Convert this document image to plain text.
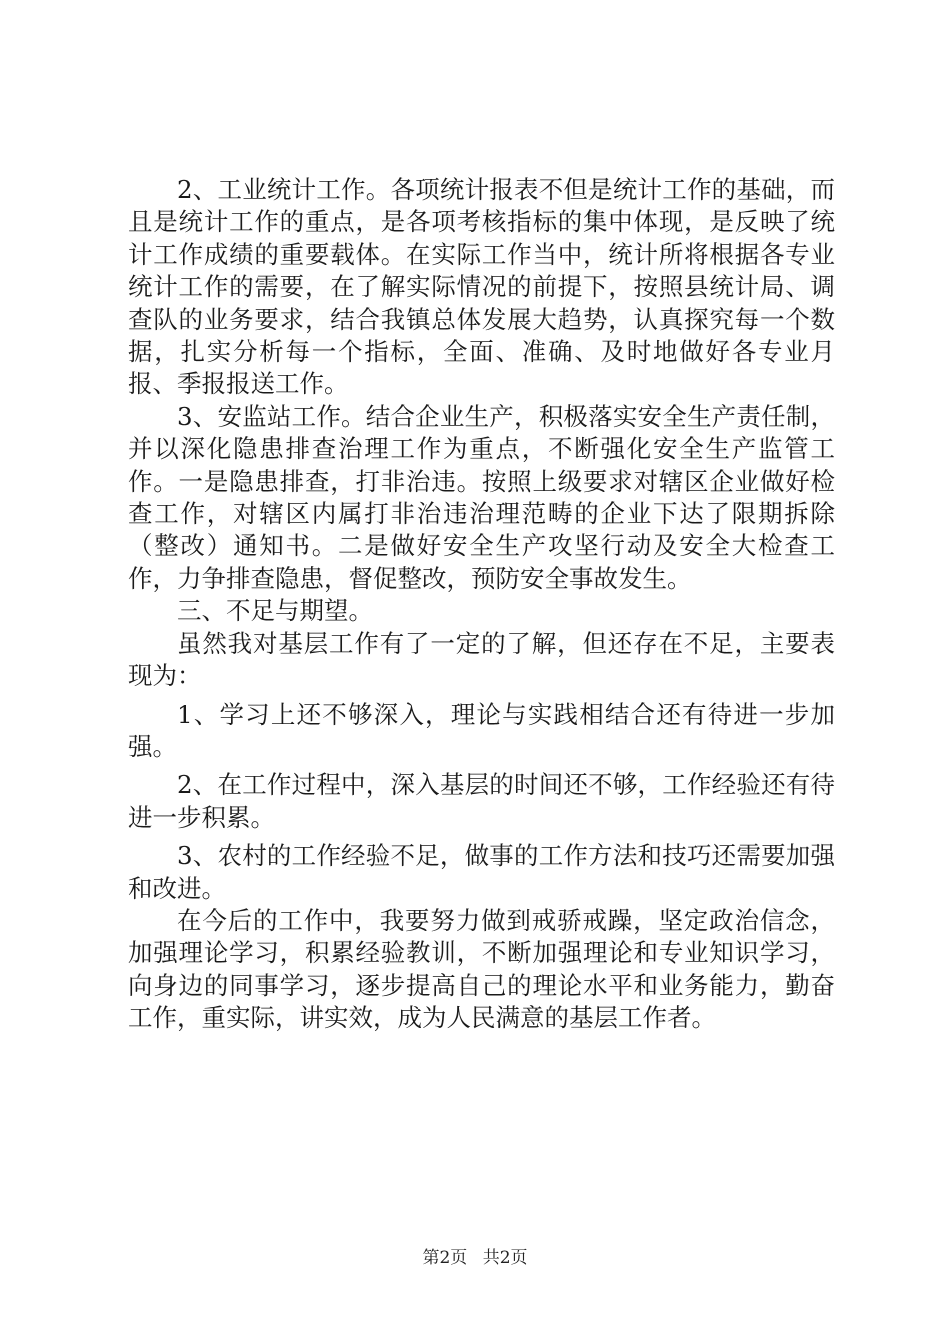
2、工业统计工作。各项统计报表不但是统计工作的基础，而且是统计工作的重点，是各项考核指标的集中体现，是反映了统计工作成绩的重要载体。在实际工作当中，统计所将根据各专业统计工作的需要，在了解实际情况的前提下，按照县统计局、调查队的业务要求，结合我镇总体发展大趋势，认真探究每一个数据，扎实分析每一个指标，全面、准确、及时地做好各专业月报、季报报送工作。

3、安监站工作。结合企业生产，积极落实安全生产责任制，并以深化隐患排查治理工作为重点，不断强化安全生产监管工作。一是隐患排查，打非治违。按照上级要求对辖区企业做好检查工作，对辖区内属打非治违治理范畴的企业下达了限期拆除（整改）通知书。二是做好安全生产攻坚行动及安全大检查工作，力争排查隐患，督促整改，预防安全事故发生。

三、不足与期望。

虽然我对基层工作有了一定的了解，但还存在不足，主要表现为：

1、学习上还不够深入，理论与实践相结合还有待进一步加强。

2、在工作过程中，深入基层的时间还不够，工作经验还有待进一步积累。

3、农村的工作经验不足，做事的工作方法和技巧还需要加强和改进。

在今后的工作中，我要努力做到戒骄戒躁，坚定政治信念，加强理论学习，积累经验教训，不断加强理论和专业知识学习，向身边的同事学习，逐步提高自己的理论水平和业务能力，勤奋工作，重实际，讲实效，成为人民满意的基层工作者。

第2页 共2页
